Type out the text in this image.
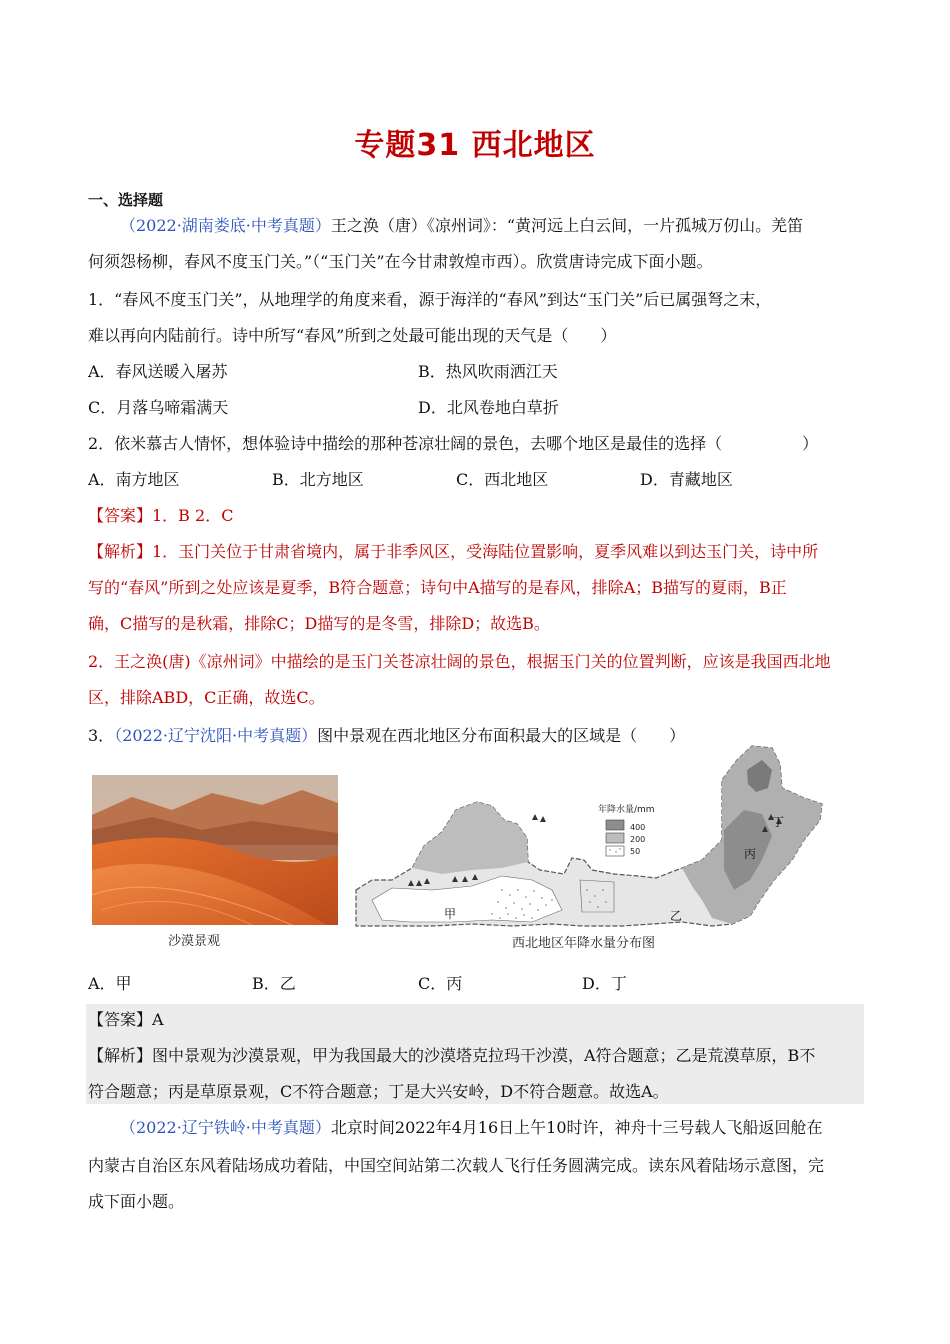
专题31 西北地区
一、选择题
（2022·湖南娄底·中考真题）王之涣（唐）《凉州词》：“黄河远上白云间，一片孤城万仞山。羌笛
何须怨杨柳，春风不度玉门关。”（“玉门关”在今甘肃敦煌市西）。欣赏唐诗完成下面小题。
1．“春风不度玉门关”，从地理学的角度来看，源于海洋的“春风”到达“玉门关”后已属强弩之末，
难以再向内陆前行。诗中所写“春风”所到之处最可能出现的天气是（　　）
A．春风送暖入屠苏	B．热风吹雨洒江天
C．月落乌啼霜满天	D．北风卷地白草折
2．依米慕古人情怀，想体验诗中描绘的那种苍凉壮阔的景色，去哪个地区是最佳的选择（　　　　　）
A．南方地区	B．北方地区	C．西北地区	D．青藏地区
【答案】1．B 2．C
【解析】1．玉门关位于甘肃省境内，属于非季风区，受海陆位置影响，夏季风难以到达玉门关，诗中所
写的“春风”所到之处应该是夏季，B符合题意；诗句中A描写的是春风，排除A；B描写的夏雨，B正
确，C描写的是秋霜，排除C；D描写的是冬雪，排除D；故选B。
2．王之涣(唐)《凉州词》中描绘的是玉门关苍凉壮阔的景色，根据玉门关的位置判断，应该是我国西北地
区，排除ABD，C正确，故选C。
3．（2022·辽宁沈阳·中考真题）图中景观在西北地区分布面积最大的区域是（　　）
沙漠景观
年降水量/mm
400
200
50
甲	乙
丙
丁
西北地区年降水量分布图
A．甲	B．乙	C．丙	D．丁
【答案】A
【解析】图中景观为沙漠景观，甲为我国最大的沙漠塔克拉玛干沙漠，A符合题意；乙是荒漠草原，B不
符合题意；丙是草原景观，C不符合题意；丁是大兴安岭，D不符合题意。故选A。
（2022·辽宁铁岭·中考真题）北京时间2022年4月16日上午10时许，神舟十三号载人飞船返回舱在
内蒙古自治区东风着陆场成功着陆，中国空间站第二次载人飞行任务圆满完成。读东风着陆场示意图，完
成下面小题。
